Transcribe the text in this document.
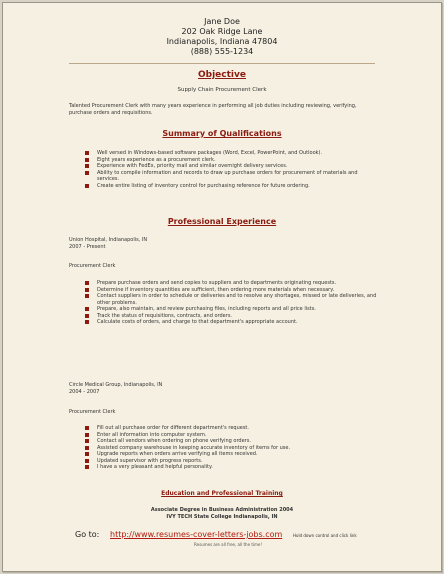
Jane Doe
202 Oak Ridge Lane
Indianapolis, Indiana 47804
(888) 555-1234
Objective
Supply Chain Procurement Clerk
Talented Procurement Clerk with many years experience in performing all job duties including reviewing, verifying, purchase orders and requisitions.
Summary of Qualifications
Well versed in Windows-based software packages (Word, Excel, PowerPoint, and Outlook).
Eight years experience as a procurement clerk.
Experience with FedEx, priority mail and similar overnight delivery services.
Ability to compile information and records to draw up purchase orders for procurement of materials and services.
Create entire listing of inventory control for purchasing reference for future ordering.
Professional Experience
Union Hospital, Indianapolis, IN
2007 - Present
Procurement Clerk
Prepare purchase orders and send copies to suppliers and to departments originating requests.
Determine if inventory quantities are sufficient, then ordering more materials when necessary.
Contact suppliers in order to schedule or deliveries and to resolve any shortages, missed or late deliveries, and other problems.
Prepare, also maintain, and review purchasing files, including reports and all price lists.
Track the status of requisitions, contracts, and orders.
Calculate costs of orders, and charge to that department's appropriate account.
Circle Medical Group, Indianapolis, IN
2004 - 2007
Procurement Clerk
Fill out all purchase order for different department's request.
Enter all information into computer system.
Contact all vendors when ordering on phone verifying orders.
Assisted company warehouse in keeping accurate inventory of items for use.
Upgrade reports when orders arrive verifying all items received.
Updated supervisor with progress reports.
I have a very pleasant and helpful personality.
Education and Professional Training
Associate Degree in Business Administration 2004
IVY TECH State College Indianapolis, IN
Go to: http://www.resumes-cover-letters-jobs.com	Hold down control and click link
Resumes are all free, all the time!
